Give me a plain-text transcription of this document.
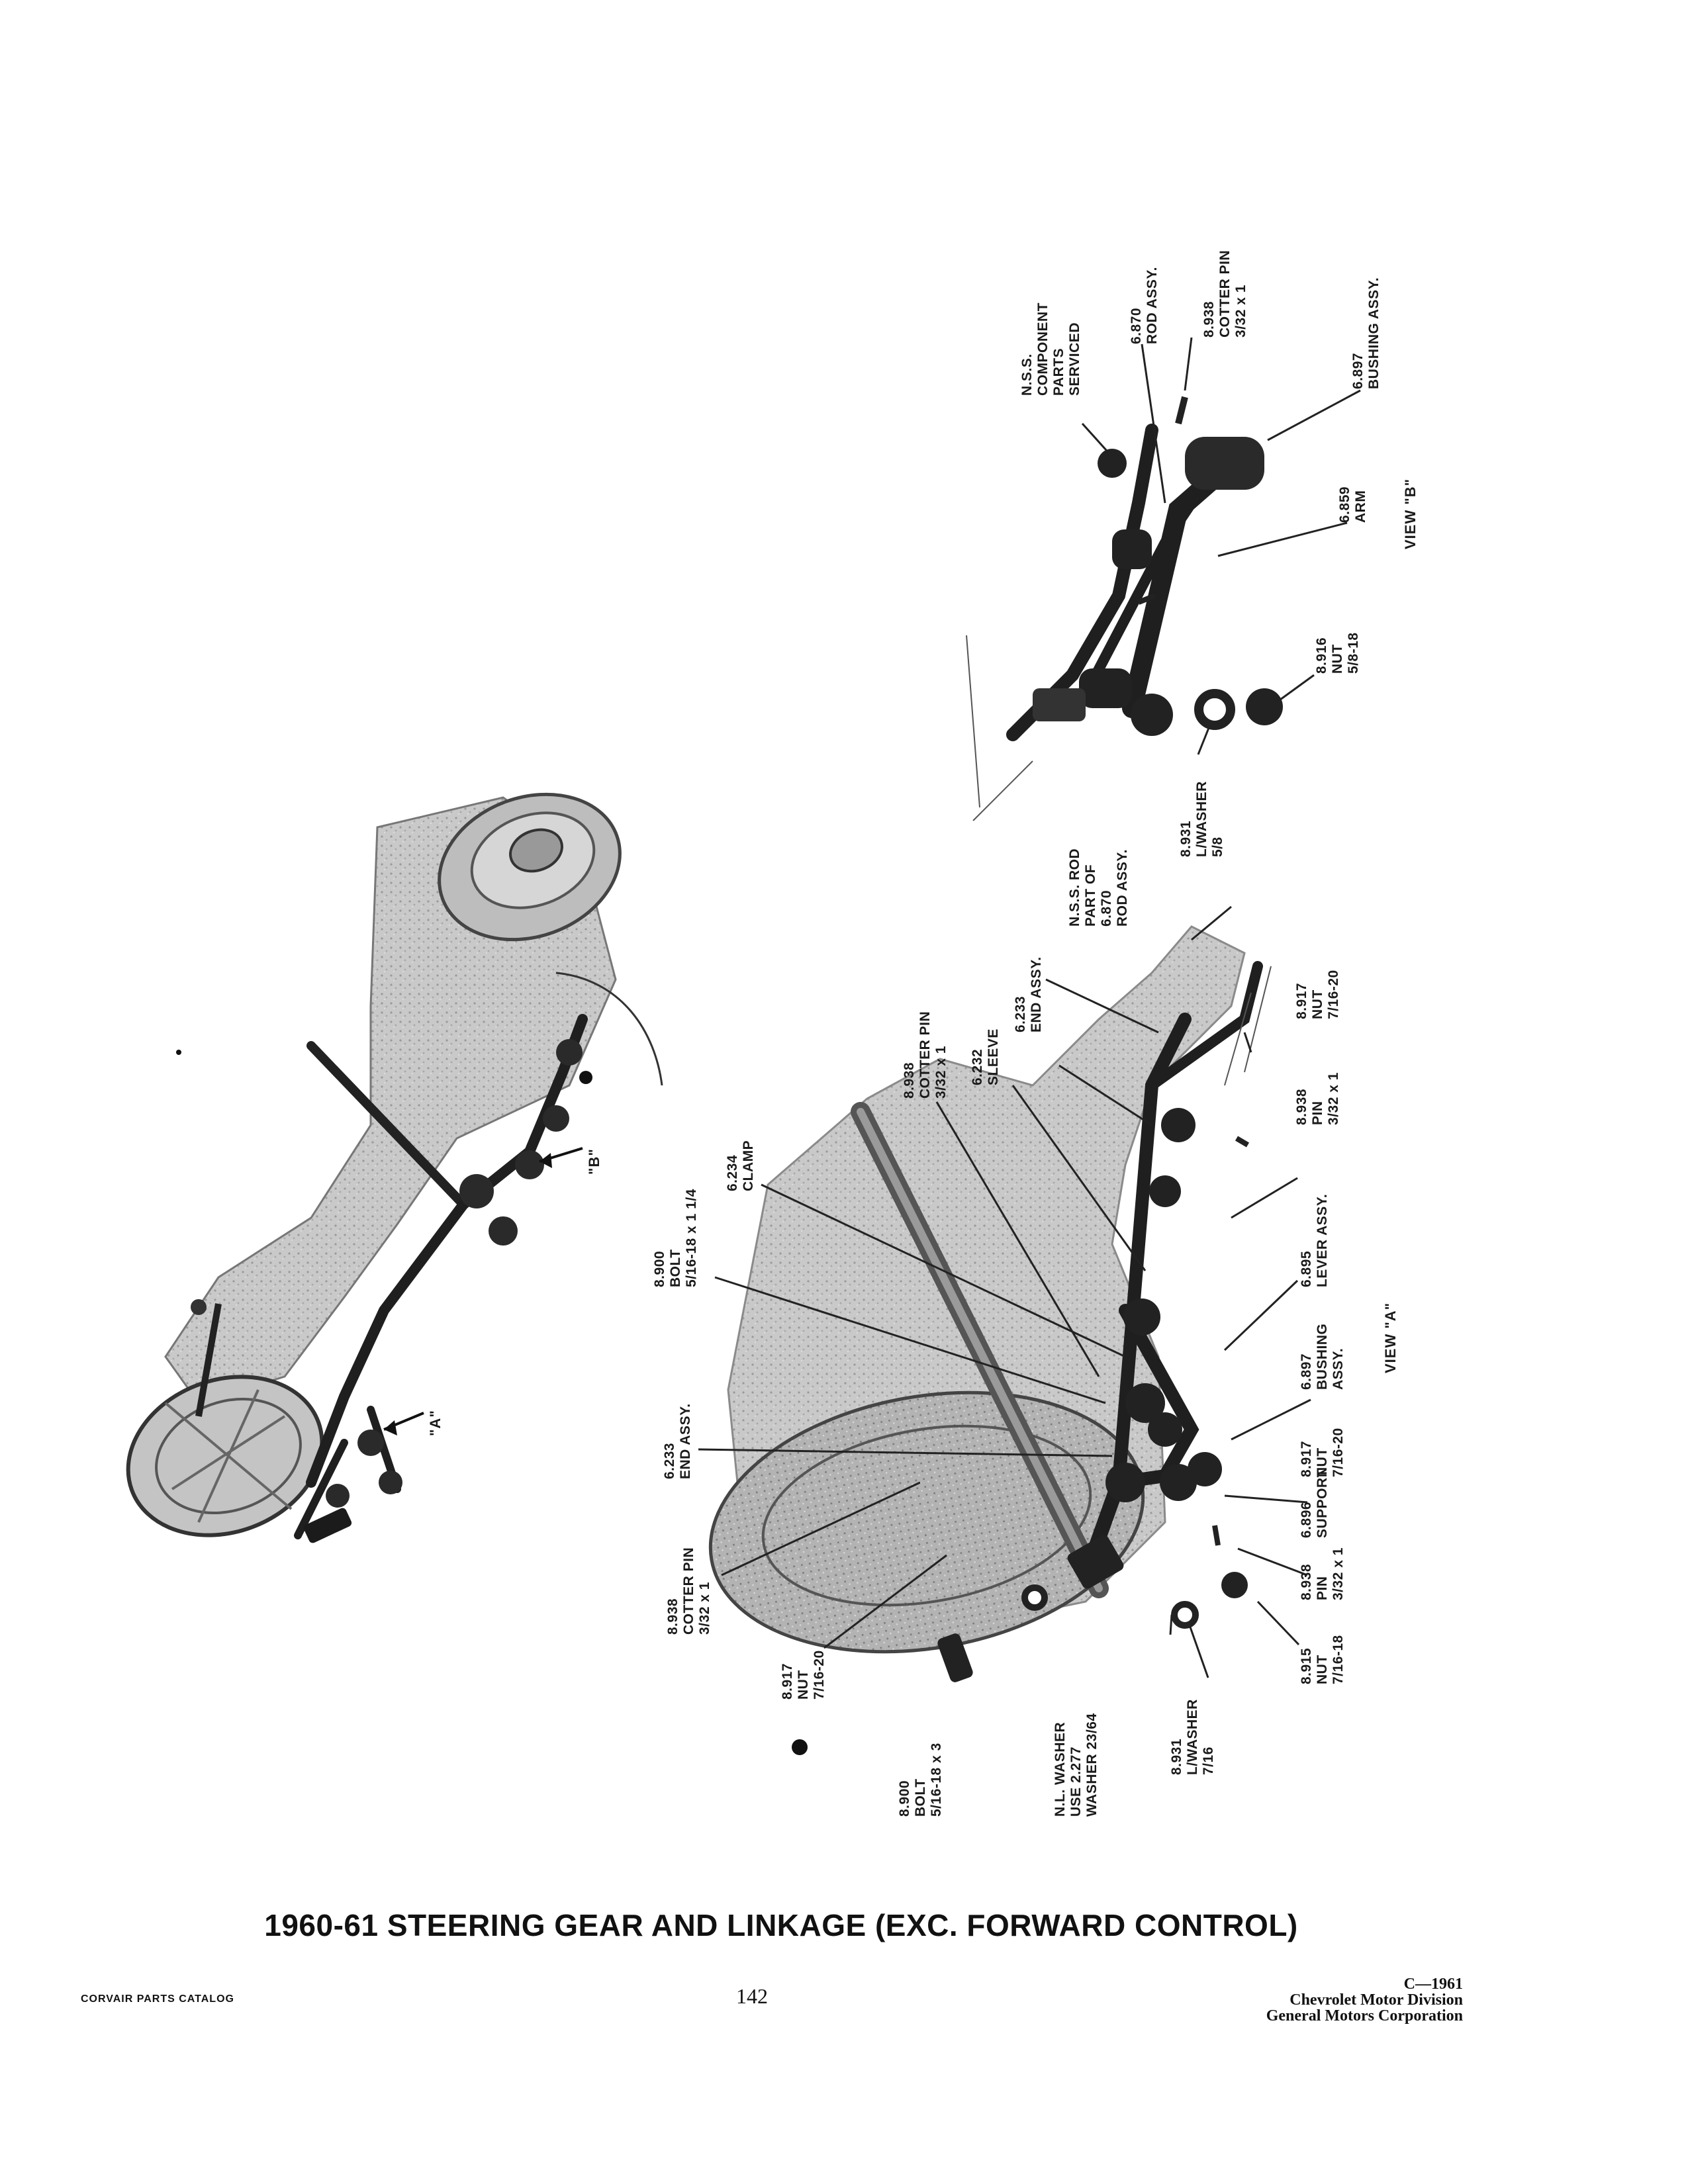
N.S.S. COMPONENT PARTS SERVICED	6.870 ROD ASSY.	8.938 COTTER PIN 3/32 x 1
6.897 BUSHING ASSY.
6.859 ARM
8.916 NUT 5/8-18
8.931 L/WASHER 5/8
VIEW "B"
N.S.S. ROD PART OF 6.870 ROD ASSY.
6.233 END ASSY.
6.232 SLEEVE
8.938 COTTER PIN 3/32 x 1
6.234 CLAMP
8.900 BOLT 5/16-18 x 1 1/4
6.233 END ASSY.
8.938 COTTER PIN 3/32 x 1
8.917 NUT 7/16-20
8.900 BOLT 5/16-18 x 3	N.L. WASHER USE 2.277 WASHER 23/64	8.931 L/WASHER 7/16
8.917 NUT 7/16-20
8.938 PIN 3/32 x 1
6.895 LEVER ASSY.
6.897 BUSHING ASSY.
8.917 NUT 7/16-20
6.896 SUPPORT
8.938 PIN 3/32 x 1
8.915 NUT 7/16-18
VIEW "A"
"B"
"A"
1960-61 STEERING GEAR AND LINKAGE (EXC. FORWARD CONTROL)
CORVAIR PARTS CATALOG	142	C—1961
Chevrolet Motor Division
General Motors Corporation
